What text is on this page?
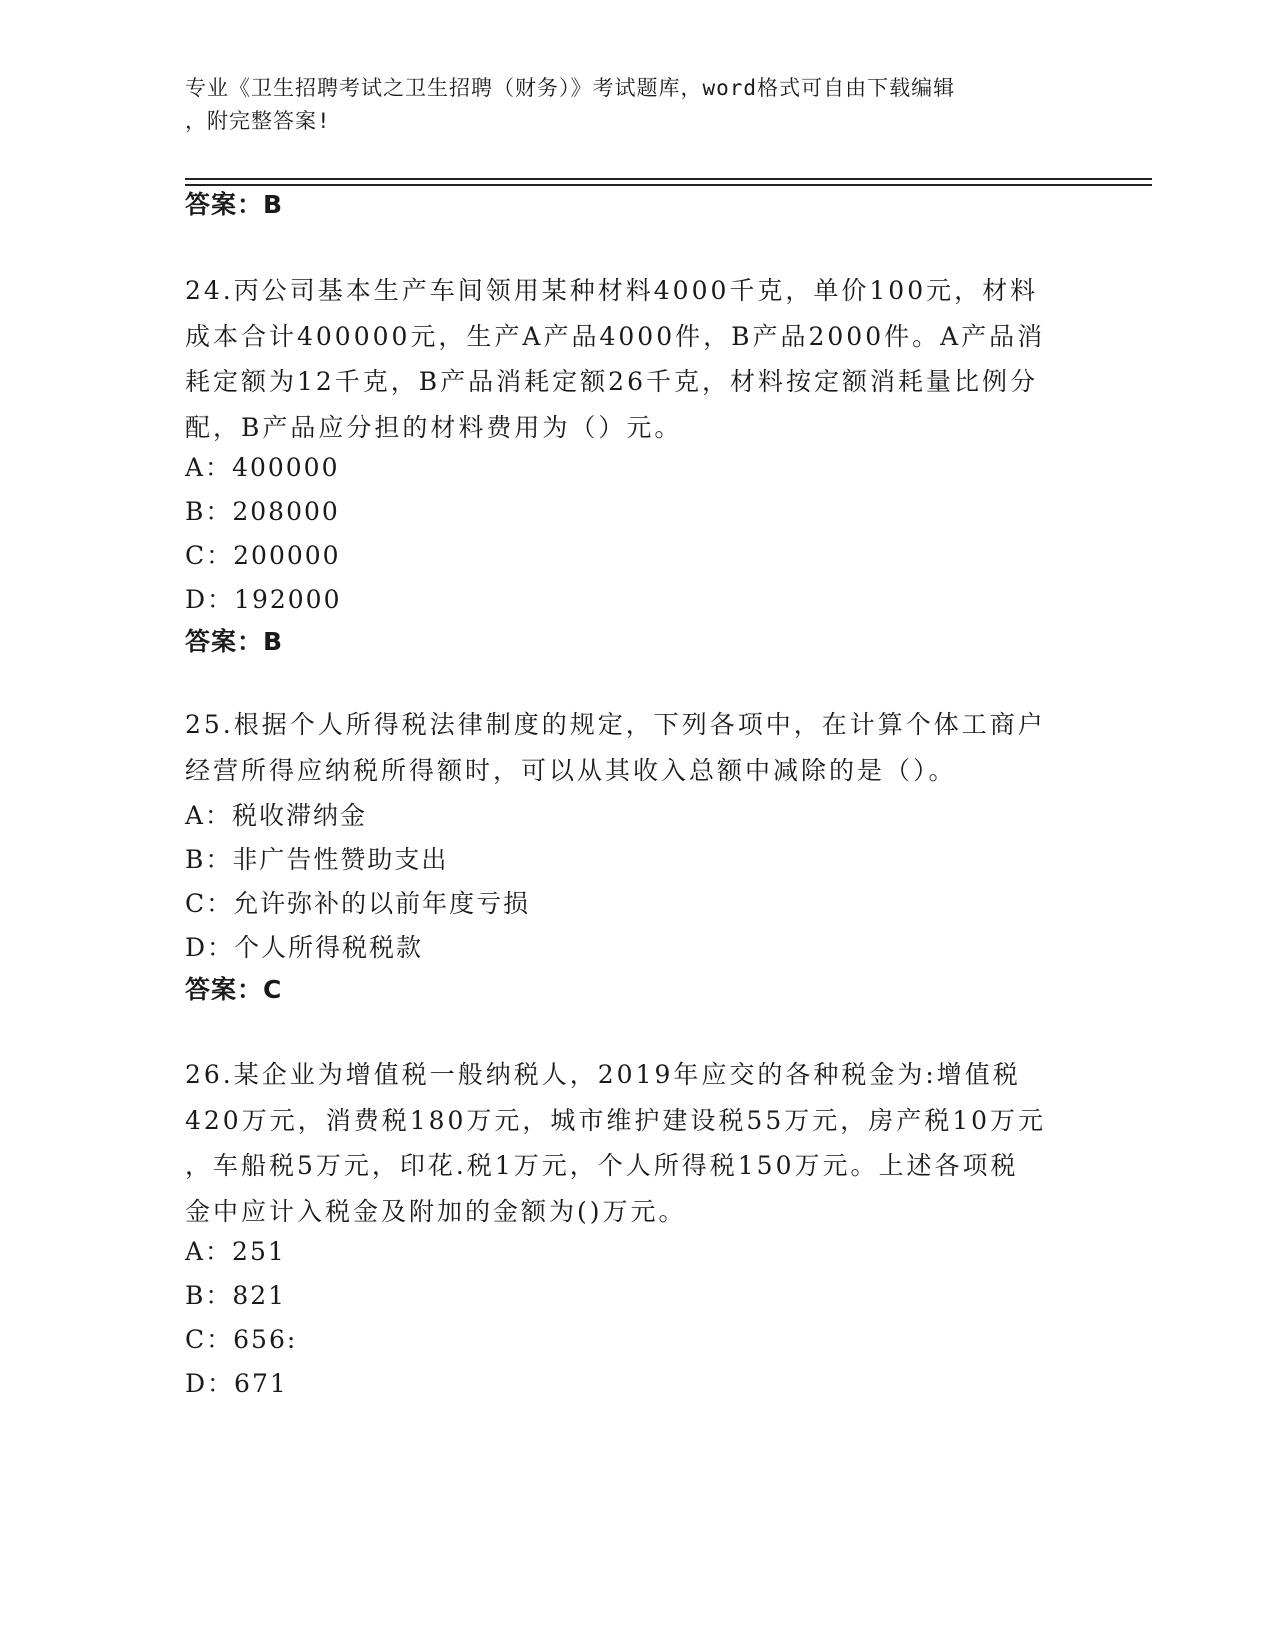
专业《卫生招聘考试之卫生招聘（财务）》考试题库，word格式可自由下载编辑
，附完整答案!
答案：B
24.丙公司基本生产车间领用某种材料4000千克，单价100元，材料
成本合计400000元，生产A产品4000件，B产品2000件。A产品消
耗定额为12千克，B产品消耗定额26千克，材料按定额消耗量比例分
配，B产品应分担的材料费用为（）元。
A：400000
B：208000
C：200000
D：192000
答案：B
25.根据个人所得税法律制度的规定，下列各项中，在计算个体工商户
经营所得应纳税所得额时，可以从其收入总额中减除的是（）。
A：税收滞纳金
B：非广告性赞助支出
C：允许弥补的以前年度亏损
D：个人所得税税款
答案：C
26.某企业为增值税一般纳税人，2019年应交的各种税金为:增值税
420万元，消费税180万元，城市维护建设税55万元，房产税10万元
，车船税5万元，印花.税1万元，个人所得税150万元。上述各项税
金中应计入税金及附加的金额为()万元。
A：251
B：821
C：656:
D：671
